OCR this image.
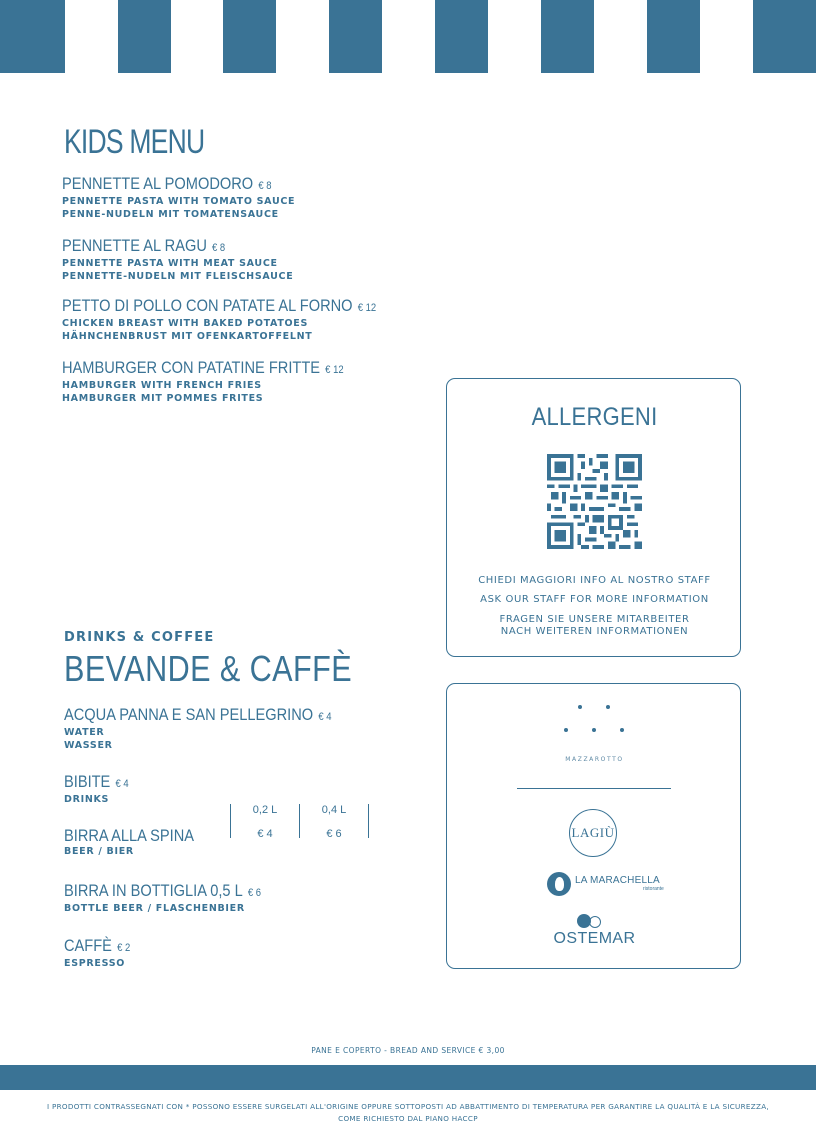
KIDS MENU
PENNETTE AL POMODORO € 8
PENNETTE PASTA WITH TOMATO SAUCE
PENNE-NUDELN MIT TOMATENSAUCE
PENNETTE AL RAGU € 8
PENNETTE PASTA WITH MEAT SAUCE
PENNETTE-NUDELN MIT FLEISCHSAUCE
PETTO DI POLLO CON PATATE AL FORNO € 12
CHICKEN BREAST WITH BAKED POTATOES
HÄHNCHENBRUST MIT OFENKARTOFFELNT
HAMBURGER CON PATATINE FRITTE € 12
HAMBURGER WITH FRENCH FRIES
HAMBURGER MIT POMMES FRITES
DRINKS & COFFEE
BEVANDE & CAFFÈ
ACQUA PANNA E SAN PELLEGRINO € 4
WATER
WASSER
BIBITE € 4
DRINKS
BIRRA ALLA SPINA
BEER / BIER
0,2 L	0,4 L
€ 4	€ 6
BIRRA IN BOTTIGLIA 0,5 L € 6
BOTTLE BEER / FLASCHENBIER
CAFFÈ € 2
ESPRESSO
ALLERGENI
CHIEDI MAGGIORI INFO AL NOSTRO STAFF
ASK OUR STAFF FOR MORE INFORMATION
FRAGEN SIE UNSERE MITARBEITER
NACH WEITEREN INFORMATIONEN
MAZZAROTTO
LAGIÙ
LA MARACHELLA
ristorante
OSTEMAR
PANE E COPERTO - BREAD AND SERVICE € 3,00
I PRODOTTI CONTRASSEGNATI CON * POSSONO ESSERE SURGELATI ALL'ORIGINE OPPURE SOTTOPOSTI AD ABBATTIMENTO DI TEMPERATURA PER GARANTIRE LA QUALITÀ E LA SICUREZZA,
COME RICHIESTO DAL PIANO HACCP
